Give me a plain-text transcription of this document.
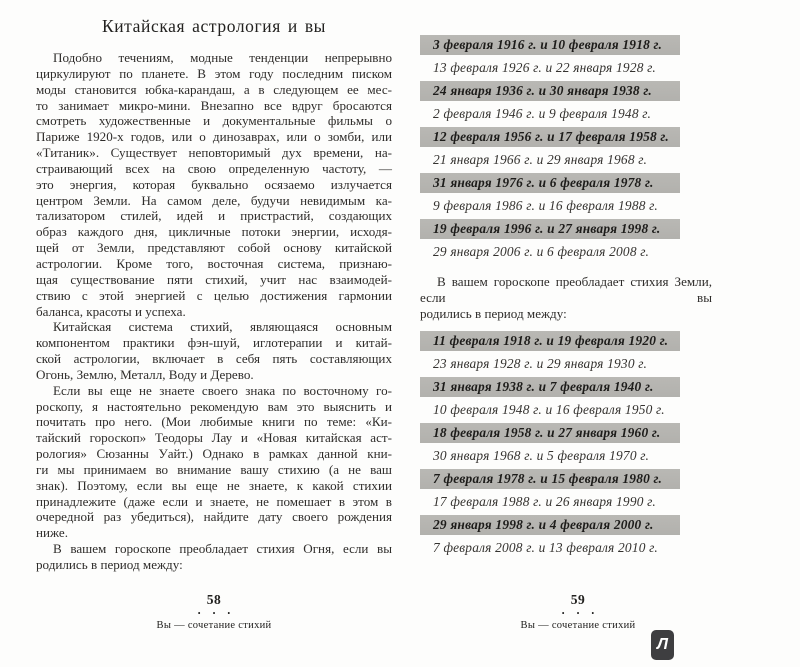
Китайская астрология и вы
Подобно течениям, модные тенденции непрерывно
циркулируют по планете. В этом году последним писком
моды становится юбка-карандаш, а в следующем ее мес-
то занимает микро-мини. Внезапно все вдруг бросаются
смотреть художественные и документальные фильмы о
Париже 1920-х годов, или о динозаврах, или о зомби, или
«Титаник». Существует неповторимый дух времени, на-
страивающий всех на свою определенную частоту, —
это энергия, которая буквально осязаемо излучается
центром Земли. На самом деле, будучи невидимым ка-
тализатором стилей, идей и пристрастий, создающих
образ каждого дня, цикличные потоки энергии, исходя-
щей от Земли, представляют собой основу китайской
астрологии. Кроме того, восточная система, признаю-
щая существование пяти стихий, учит нас взаимодей-
ствию с этой энергией с целью достижения гармонии
баланса, красоты и успеха.
Китайская система стихий, являющаяся основным
компонентом практики фэн-шуй, иглотерапии и китай-
ской астрологии, включает в себя пять составляющих
Огонь, Землю, Металл, Воду и Дерево.
Если вы еще не знаете своего знака по восточному го-
роскопу, я настоятельно рекомендую вам это выяснить и
почитать про него. (Мои любимые книги по теме: «Ки-
тайский гороскоп» Теодоры Лау и «Новая китайская аст-
рология» Сюзанны Уайт.) Однако в рамках данной кни-
ги мы принимаем во внимание вашу стихию (а не ваш
знак). Поэтому, если вы еще не знаете, к какой стихии
принадлежите (даже если и знаете, не помешает в этом в
очередной раз убедиться), найдите дату своего рождения
ниже.
В вашем гороскопе преобладает стихия Огня, если вы
родились в период между:
3 февраля 1916 г. и 10 февраля 1918 г.
13 февраля 1926 г. и 22 января 1928 г.
24 января 1936 г. и 30 января 1938 г.
2 февраля 1946 г. и 9 февраля 1948 г.
12 февраля 1956 г. и 17 февраля 1958 г.
21 января 1966 г. и 29 января 1968 г.
31 января 1976 г. и 6 февраля 1978 г.
9 февраля 1986 г. и 16 февраля 1988 г.
19 февраля 1996 г. и 27 января 1998 г.
29 января 2006 г. и 6 февраля 2008 г.
В вашем гороскопе преобладает стихия Земли, если вы
родились в период между:
11 февраля 1918 г. и 19 февраля 1920 г.
23 января 1928 г. и 29 января 1930 г.
31 января 1938 г. и 7 февраля 1940 г.
10 февраля 1948 г. и 16 февраля 1950 г.
18 февраля 1958 г. и 27 января 1960 г.
30 января 1968 г. и 5 февраля 1970 г.
7 февраля 1978 г. и 15 февраля 1980 г.
17 февраля 1988 г. и 26 января 1990 г.
29 января 1998 г. и 4 февраля 2000 г.
7 февраля 2008 г. и 13 февраля 2010 г.
58
• • •
Вы — сочетание стихий
59
• • •
Вы — сочетание стихий
Л
